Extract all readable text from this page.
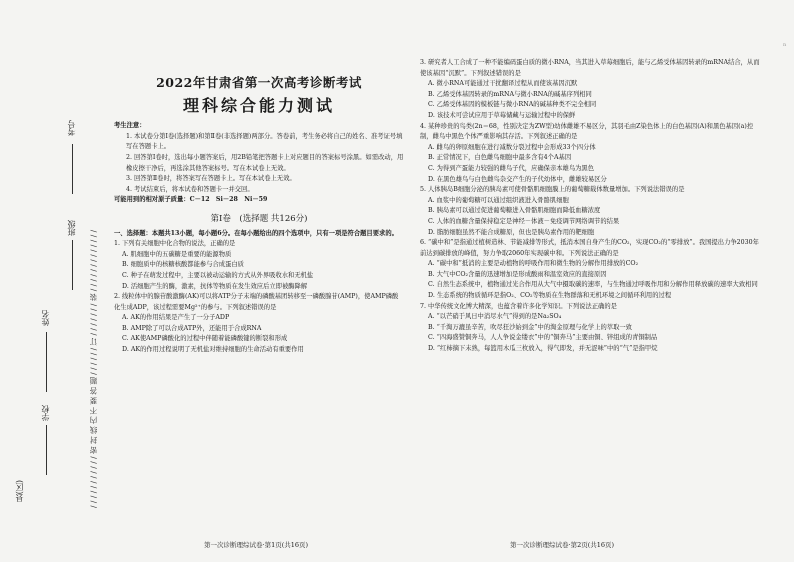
考号
班级
姓名
学校
县(区)	/ / / / / / / / / / / 密 封 线 内 不 要 答 题 / / / / / / 订 / / / / / / / 装 / / / / / / / / / / / / /
2022年甘肃省第一次高考诊断考试
理科综合能力测试
考生注意：
1. 本试卷分第Ⅰ卷(选择题)和第Ⅱ卷(非选择题)两部分。答卷前，考生务必将自己的姓名、准考证号填写在答题卡上。
2. 回答第Ⅰ卷时，选出每小题答案后，用2B铅笔把答题卡上对应题目的答案标号涂黑。如需改动，用橡皮擦干净后，再选涂其他答案标号。写在本试卷上无效。
3. 回答第Ⅱ卷时，将答案写在答题卡上。写在本试卷上无效。
4. 考试结束后，将本试卷和答题卡一并交回。
可能用到的相对原子质量：C－12　Si－28　Ni－59
第Ⅰ卷　(选择题 共126分)
一、选择题：本题共13小题，每小题6分。在每小题给出的四个选项中，只有一项是符合题目要求的。
1. 下列有关细胞中化合物的说法，正确的是
A. 肌细胞中的五碳糖是重要的能源物质
B. 细胞质中的核糖核酸都能参与合成蛋白质
C. 种子在萌发过程中，主要以被动运输的方式从外界吸收水和无机盐
D. 活细胞产生的酶，激素，抗体等物质在发生效应后立即被酶降解
2. 线粒体中的腺苷酸激酶(AK)可以将ATP分子末端的磷酸基团转移至一磷酸腺苷(AMP)，使AMP磷酸化生成ADP，该过程需要Mg²⁺的参与。下列叙述错误的是
A. AK的作用结果是产生了一分子ADP
B. AMP除了可以合成ATP外，还能用于合成RNA
C. AK使AMP磷酸化的过程中伴随着能磷酸键的断裂和形成
D. AK的作用过程说明了无机盐对维持细胞的生命活动有重要作用
3. 研究者人工合成了一种不能编码蛋白质的微小RNA，当其进入草莓细胞后，能与乙烯受体基因转录的mRNA结合，从而使该基因“沉默”。下列叙述错误的是
A. 微小RNA可能通过干扰翻译过程从而使该基因沉默
B. 乙烯受体基因转录的mRNA与微小RNA的碱基序列相同
C. 乙烯受体基因的模板链与微小RNA的碱基种类不完全相同
D. 该技术可尝试应用于草莓储藏与运输过程中的保鲜
4. 某种珍贵的鸟类(2n＝68，性别决定为ZW型)幼体雌雄不易区分，其羽毛由Z染色体上的白色基因(A)和黑色基因(a)控制，雌鸟中黑色个体严重影响其存活。下列叙述正确的是
A. 雌鸟的卵原细胞在进行减数分裂过程中会形成33个四分体
B. 正常情况下，白色雌鸟细胞中最多含有4个A基因
C. 为得到产蛋能力较强的雌鸟子代，应确保亲本雄鸟为黑色
D. 在黑色雄鸟与白色雌鸟杂交产生的子代幼体中，雌雄较易区分
5. 人体胰岛B细胞分泌的胰岛素可使骨骼肌细胞膜上的葡萄糖载体数量增加。下列说法错误的是
A. 血浆中的葡萄糖可以通过组织液进入骨骼肌细胞
B. 胰岛素可以通过促进葡萄糖进入骨骼肌细胞而降低血糖浓度
C. 人体的血糖含量保持稳定是神经－体液－免疫调节网络调节的结果
D. 脂肪细胞虽然不能合成糖原，但也是胰岛素作用的靶细胞
6. “碳中和”是指通过植树造林、节能减排等形式，抵消本国自身产生的CO₂，实现CO₂的“零排放”。我国提出力争2030年前达到碳排放的峰值，努力争取2060年实现碳中和。下列说法正确的是
A. “碳中和”抵消的主要是动植物的呼吸作用和微生物的分解作用排放的CO₂
B. 大气中CO₂含量的迅速增加是形成酸雨和温室效应的直接原因
C. 自然生态系统中，植物通过光合作用从大气中摄取碳的速率，与生物通过呼吸作用和分解作用释放碳的速率大致相同
D. 生态系统的物质循环是指O₂、CO₂等物质在生物群落和无机环境之间循环利用的过程
7. 中华传统文化博大精深，也蕴含着许多化学知识。下列说法正确的是
A. “以芒硝于风日中消尽水气”得到的是Na₂SO₄
B. “千淘万漉虽辛苦，吹尽狂沙始到金”中的淘金原理与化学上的萃取一致
C. “四海盛赞铜奔马，人人争说金缕衣”中的“铜奔马”主要由铜、锌组成的青铜制品
D. “红柿摘下未熟，每篮用木瓜三枚放入，得气即发，并无涩味”中的“气”是指甲烷
第一次诊断理综试卷·第1页(共16页)	第一次诊断理综试卷·第2页(共16页)
n
